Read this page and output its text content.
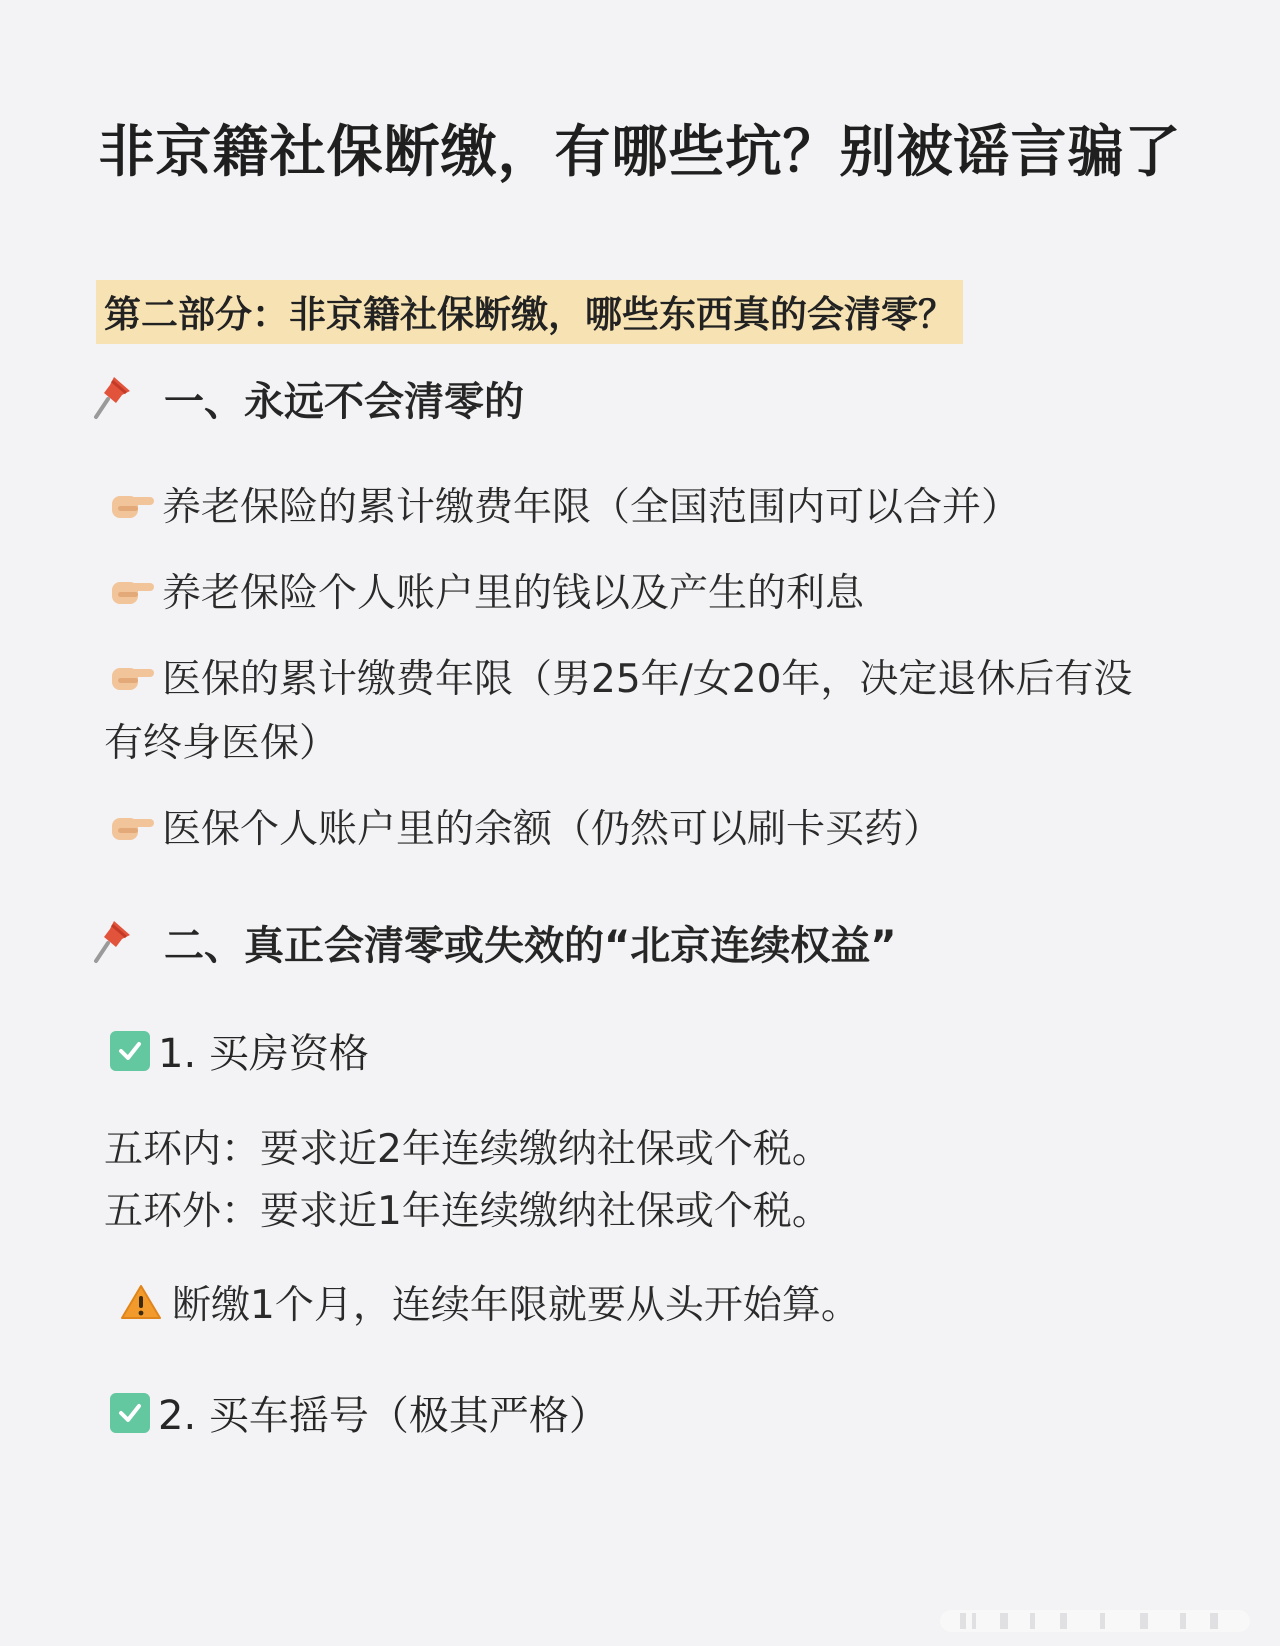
非京籍社保断缴，有哪些坑？别被谣言骗了
第二部分：非京籍社保断缴，哪些东西真的会清零？
一、永远不会清零的
养老保险的累计缴费年限（全国范围内可以合并）
养老保险个人账户里的钱以及产生的利息
医保的累计缴费年限（男25年/女20年，决定退休后有没
有终身医保）
医保个人账户里的余额（仍然可以刷卡买药）
二、真正会清零或失效的“北京连续权益”
1. 买房资格
五环内：要求近2年连续缴纳社保或个税。
五环外：要求近1年连续缴纳社保或个税。
断缴1个月，连续年限就要从头开始算。
2. 买车摇号（极其严格）
